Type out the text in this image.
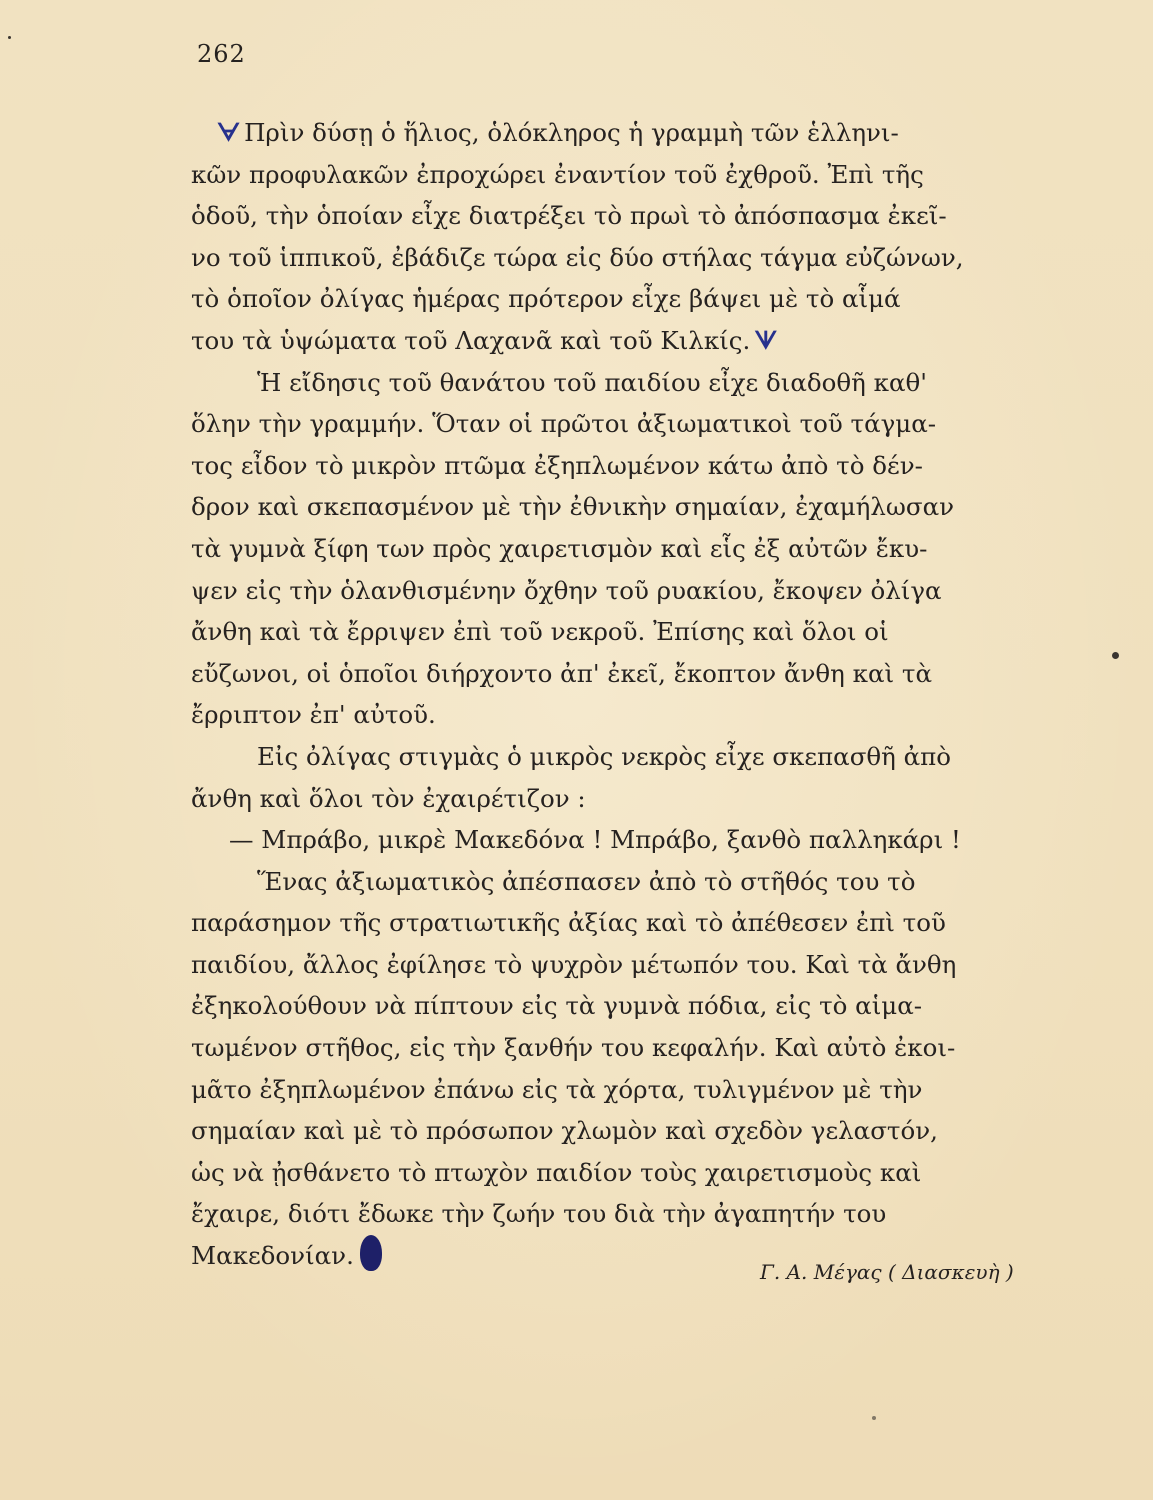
262
ᗄ Πρὶν δύσῃ ὁ ἥλιος, ὁλόκληρος ἡ γραμμὴ τῶν ἑλληνι-
κῶν προφυλακῶν ἐπροχώρει ἐναντίον τοῦ ἐχθροῦ. Ἐπὶ τῆς
ὁδοῦ, τὴν ὁποίαν εἶχε διατρέξει τὸ πρωὶ τὸ ἀπόσπασμα ἐκεῖ-
νο τοῦ ἱππικοῦ, ἐβάδιζε τώρα εἰς δύο στήλας τάγμα εὐζώνων,
τὸ ὁποῖον ὀλίγας ἡμέρας πρότερον εἶχε βάψει μὲ τὸ αἷμά
του τὰ ὑψώματα τοῦ Λαχανᾶ καὶ τοῦ Κιλκίς. ᗐ
Ἡ εἴδησις τοῦ θανάτου τοῦ παιδίου εἶχε διαδοθῆ καθ'
ὅλην τὴν γραμμήν. Ὅταν οἱ πρῶτοι ἀξιωματικοὶ τοῦ τάγμα-
τος εἶδον τὸ μικρὸν πτῶμα ἐξηπλωμένον κάτω ἀπὸ τὸ δέν-
δρον καὶ σκεπασμένον μὲ τὴν ἐθνικὴν σημαίαν, ἐχαμήλωσαν
τὰ γυμνὰ ξίφη των πρὸς χαιρετισμὸν καὶ εἷς ἐξ αὐτῶν ἔκυ-
ψεν εἰς τὴν ὁλανθισμένην ὄχθην τοῦ ρυακίου, ἔκοψεν ὀλίγα
ἄνθη καὶ τὰ ἔρριψεν ἐπὶ τοῦ νεκροῦ. Ἐπίσης καὶ ὅλοι οἱ
εὔζωνοι, οἱ ὁποῖοι διήρχοντο ἀπ' ἐκεῖ, ἔκοπτον ἄνθη καὶ τὰ
ἔρριπτον ἐπ' αὐτοῦ.
Εἰς ὀλίγας στιγμὰς ὁ μικρὸς νεκρὸς εἶχε σκεπασθῆ ἀπὸ
ἄνθη καὶ ὅλοι τὸν ἐχαιρέτιζον :
— Μπράβο, μικρὲ Μακεδόνα ! Μπράβο, ξανθὸ παλληκάρι !
Ἕνας ἀξιωματικὸς ἀπέσπασεν ἀπὸ τὸ στῆθός του τὸ
παράσημον τῆς στρατιωτικῆς ἀξίας καὶ τὸ ἀπέθεσεν ἐπὶ τοῦ
παιδίου, ἄλλος ἐφίλησε τὸ ψυχρὸν μέτωπόν του. Καὶ τὰ ἄνθη
ἐξηκολούθουν νὰ πίπτουν εἰς τὰ γυμνὰ πόδια, εἰς τὸ αἱμα-
τωμένον στῆθος, εἰς τὴν ξανθήν του κεφαλήν. Καὶ αὐτὸ ἐκοι-
μᾶτο ἐξηπλωμένον ἐπάνω εἰς τὰ χόρτα, τυλιγμένον μὲ τὴν
σημαίαν καὶ μὲ τὸ πρόσωπον χλωμὸν καὶ σχεδὸν γελαστόν,
ὡς νὰ ᾐσθάνετο τὸ πτωχὸν παιδίον τοὺς χαιρετισμοὺς καὶ
ἔχαιρε, διότι ἔδωκε τὴν ζωήν του διὰ τὴν ἀγαπητήν του
Μακεδονίαν.
Γ. Α. Μέγας ( Διασκευὴ )
